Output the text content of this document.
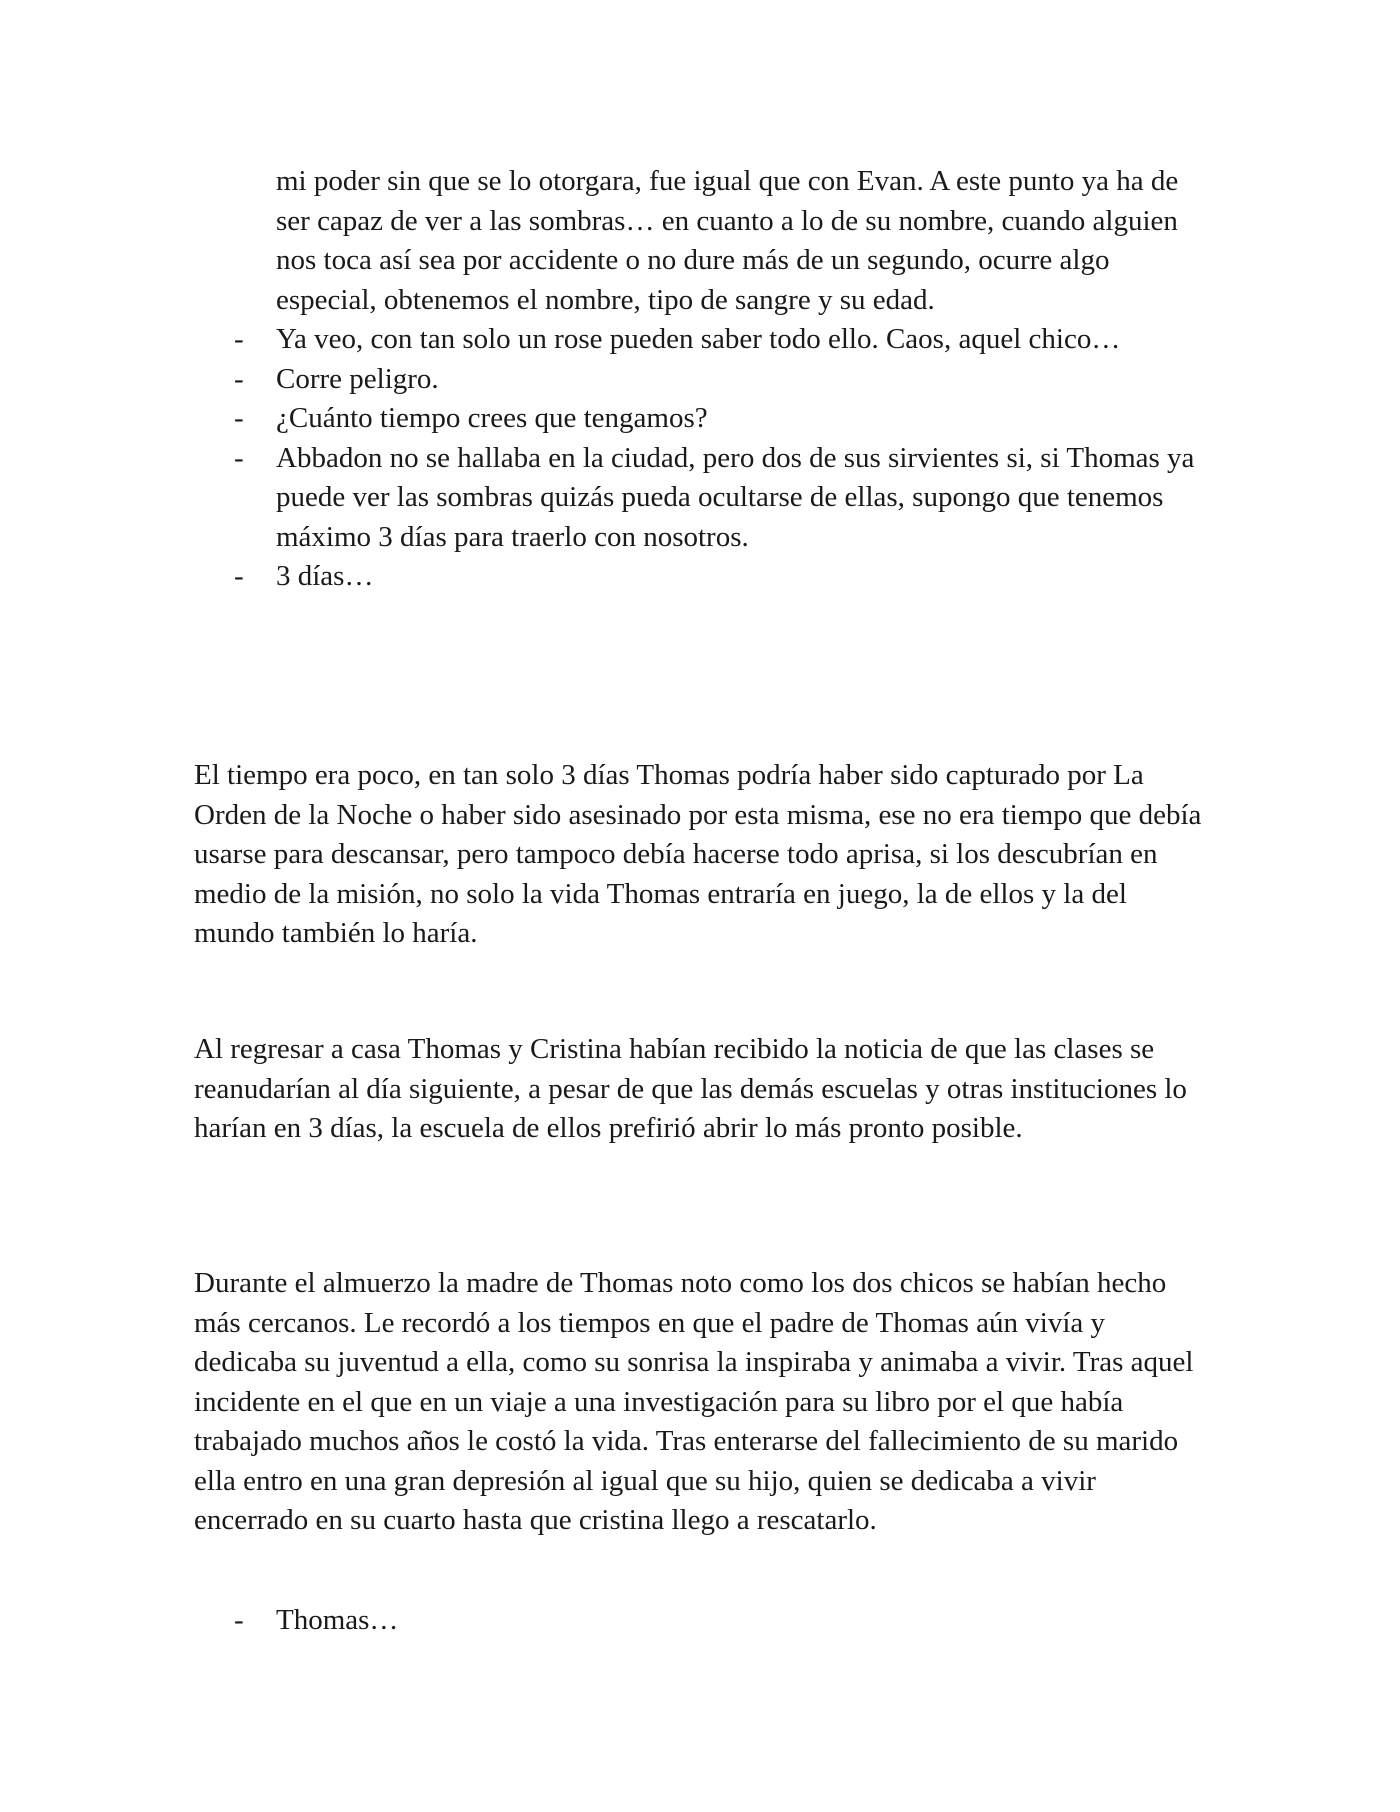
mi poder sin que se lo otorgara, fue igual que con Evan. A este punto ya ha de ser capaz de ver a las sombras… en cuanto a lo de su nombre, cuando alguien nos toca así sea por accidente o no dure más de un segundo, ocurre algo especial, obtenemos el nombre, tipo de sangre y su edad.

- Ya veo, con tan solo un rose pueden saber todo ello. Caos, aquel chico…

- Corre peligro.

- ¿Cuánto tiempo crees que tengamos?

- Abbadon no se hallaba en la ciudad, pero dos de sus sirvientes si, si Thomas ya puede ver las sombras quizás pueda ocultarse de ellas, supongo que tenemos máximo 3 días para traerlo con nosotros.

- 3 días…

El tiempo era poco, en tan solo 3 días Thomas podría haber sido capturado por La Orden de la Noche o haber sido asesinado por esta misma, ese no era tiempo que debía usarse para descansar, pero tampoco debía hacerse todo aprisa, si los descubrían en medio de la misión, no solo la vida Thomas entraría en juego, la de ellos y la del mundo también lo haría.

Al regresar a casa Thomas y Cristina habían recibido la noticia de que las clases se reanudarían al día siguiente, a pesar de que las demás escuelas y otras instituciones lo harían en 3 días, la escuela de ellos prefirió abrir lo más pronto posible.

Durante el almuerzo la madre de Thomas noto como los dos chicos se habían hecho más cercanos. Le recordó a los tiempos en que el padre de Thomas aún vivía y dedicaba su juventud a ella, como su sonrisa la inspiraba y animaba a vivir. Tras aquel incidente en el que en un viaje a una investigación para su libro por el que había trabajado muchos años le costó la vida. Tras enterarse del fallecimiento de su marido ella entro en una gran depresión al igual que su hijo, quien se dedicaba a vivir encerrado en su cuarto hasta que cristina llego a rescatarlo.

- Thomas…
